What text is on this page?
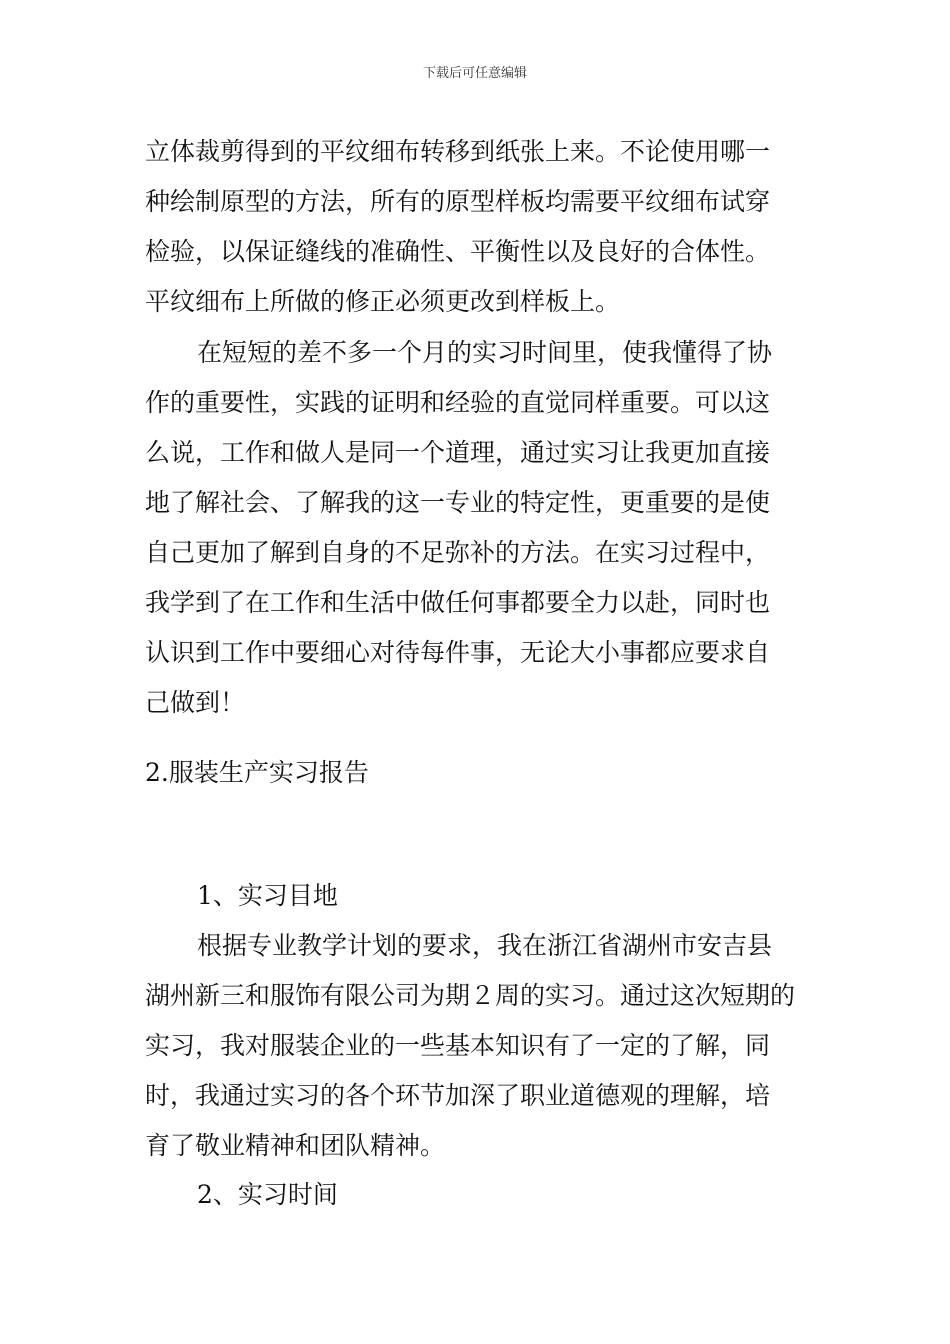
下载后可任意编辑
立体裁剪得到的平纹细布转移到纸张上来。不论使用哪一
种绘制原型的方法，所有的原型样板均需要平纹细布试穿
检验，以保证缝线的准确性、平衡性以及良好的合体性。
平纹细布上所做的修正必须更改到样板上。
在短短的差不多一个月的实习时间里，使我懂得了协
作的重要性，实践的证明和经验的直觉同样重要。可以这
么说，工作和做人是同一个道理，通过实习让我更加直接
地了解社会、了解我的这一专业的特定性，更重要的是使
自己更加了解到自身的不足弥补的方法。在实习过程中，
我学到了在工作和生活中做任何事都要全力以赴，同时也
认识到工作中要细心对待每件事，无论大小事都应要求自
己做到！
2.服装生产实习报告
1、实习目地
根据专业教学计划的要求，我在浙江省湖州市安吉县
湖州新三和服饰有限公司为期２周的实习。通过这次短期的
实习，我对服装企业的一些基本知识有了一定的了解，同
时，我通过实习的各个环节加深了职业道德观的理解，培
育了敬业精神和团队精神。
2、实习时间
